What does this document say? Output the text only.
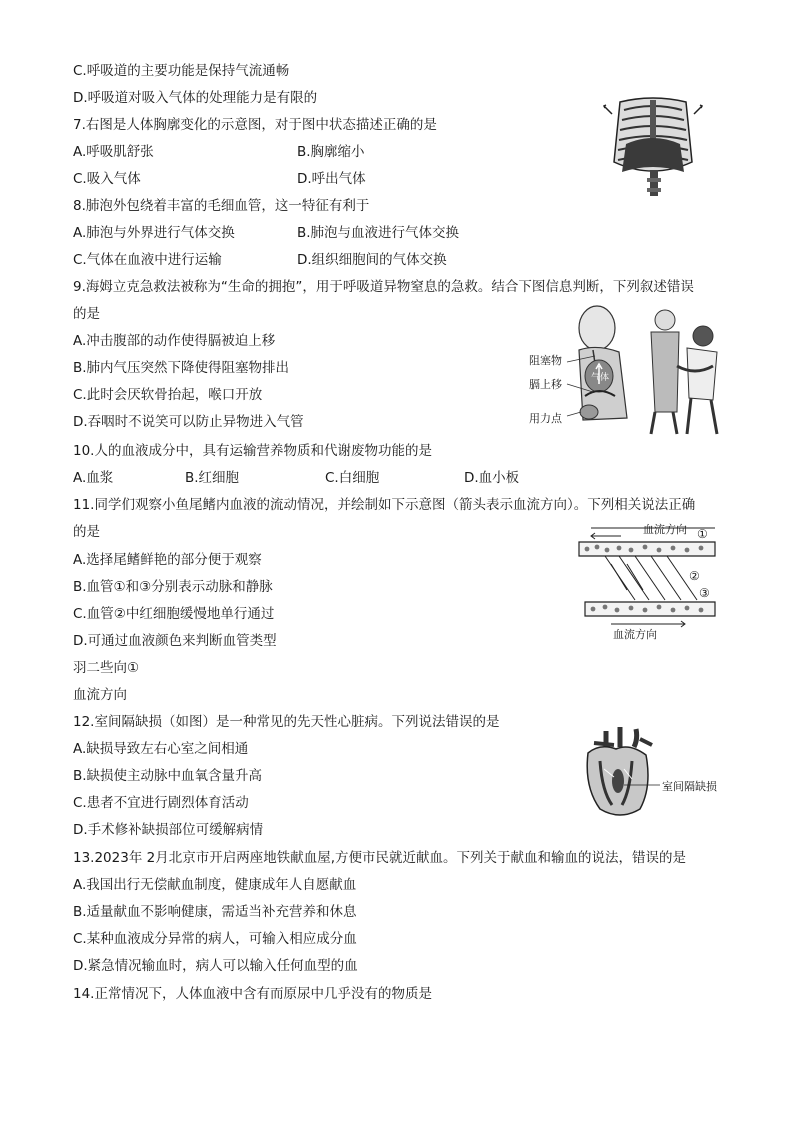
C.呼吸道的主要功能是保持气流通畅
D.呼吸道对吸入气体的处理能力是有限的
7.右图是人体胸廓变化的示意图，对于图中状态描述正确的是
A.呼吸肌舒张	B.胸廓缩小
C.吸入气体	D.呼出气体
8.肺泡外包绕着丰富的毛细血管，这一特征有利于
A.肺泡与外界进行气体交换	B.肺泡与血液进行气体交换
C.气体在血液中进行运输	D.组织细胞间的气体交换
9.海姆立克急救法被称为“生命的拥抱”，用于呼吸道异物窒息的急救。结合下图信息判断，下列叙述错误
的是
A.冲击腹部的动作使得膈被迫上移
B.肺内气压突然下降使得阻塞物排出
C.此时会厌软骨抬起，喉口开放
D.吞咽时不说笑可以防止异物进入气管
10.人的血液成分中，具有运输营养物质和代谢废物功能的是
A.血浆	B.红细胞	C.白细胞	D.血小板
11.同学们观察小鱼尾鳍内血液的流动情况，并绘制如下示意图（箭头表示血流方向）。下列相关说法正确
的是
A.选择尾鳍鲜艳的部分便于观察
B.血管①和③分别表示动脉和静脉
C.血管②中红细胞缓慢地单行通过
D.可通过血液颜色来判断血管类型
羽二些向①
血流方向
12.室间隔缺损（如图）是一种常见的先天性心脏病。下列说法错误的是
A.缺损导致左右心室之间相通
B.缺损使主动脉中血氧含量升高
C.患者不宜进行剧烈体育活动
D.手术修补缺损部位可缓解病情
13.2023年 2月北京市开启两座地铁献血屋,方便市民就近献血。下列关于献血和输血的说法，错误的是
A.我国出行无偿献血制度，健康成年人自愿献血
B.适量献血不影响健康，需适当补充营养和休息
C.某种血液成分异常的病人，可输入相应成分血
D.紧急情况输血时，病人可以输入任何血型的血
14.正常情况下，人体血液中含有而原尿中几乎没有的物质是
阻塞物
膈上移
用力点
气体
血流方向 ①
②
③
血流方向
室间隔缺损
